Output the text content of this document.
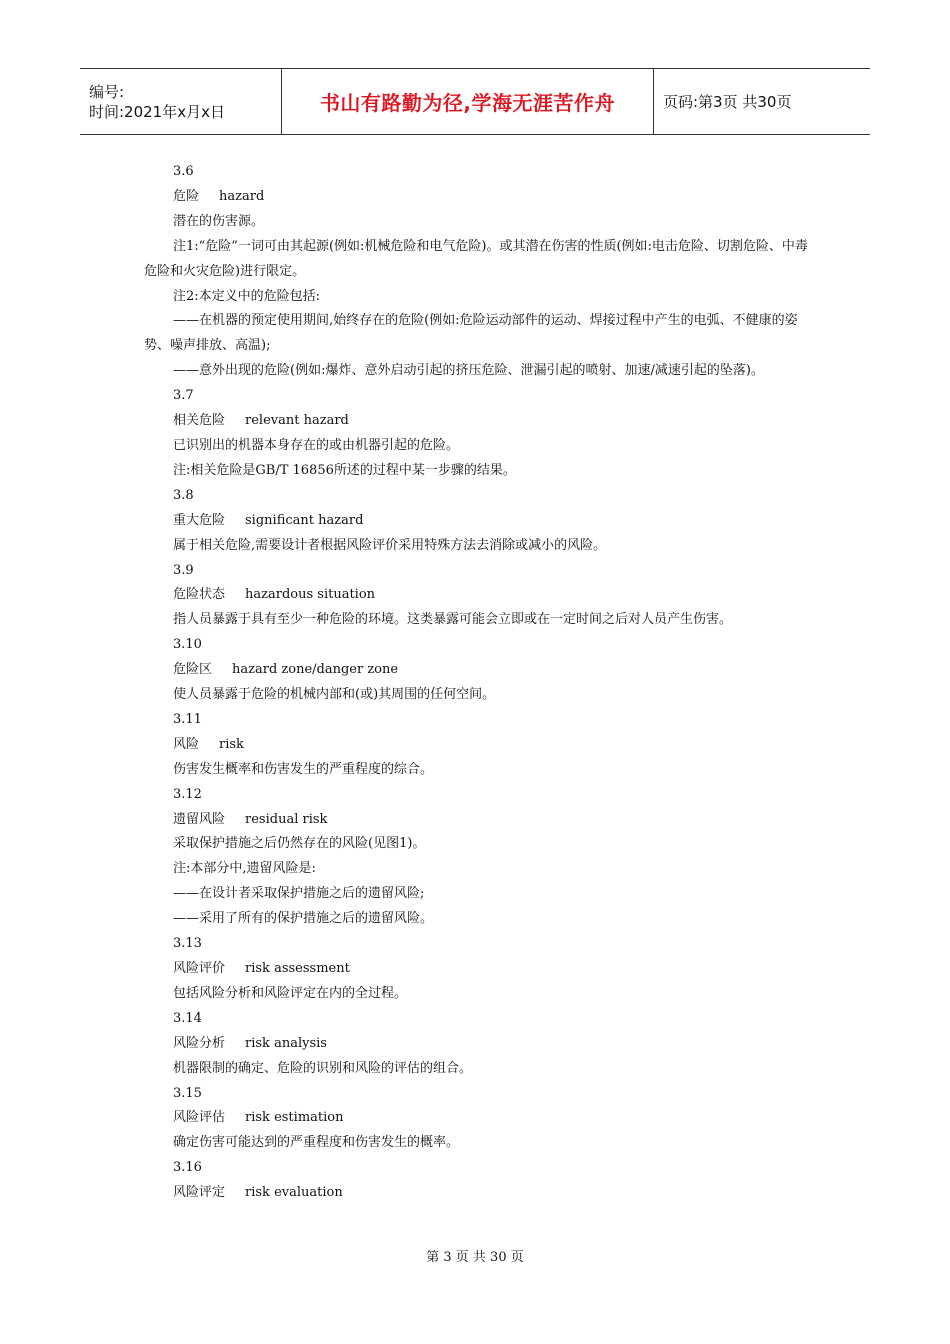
编号:
时间:2021年x月x日	书山有路勤为径,学海无涯苦作舟	页码:第3页 共30页
3.6
危险 hazard
潜在的伤害源。
注1:“危险”一词可由其起源(例如:机械危险和电气危险)。或其潜在伤害的性质(例如:电击危险、切割危险、中毒危险和火灾危险)进行限定。
注2:本定义中的危险包括:
——在机器的预定使用期间,始终存在的危险(例如:危险运动部件的运动、焊接过程中产生的电弧、不健康的姿势、噪声排放、高温);
——意外出现的危险(例如:爆炸、意外启动引起的挤压危险、泄漏引起的喷射、加速/减速引起的坠落)。
3.7
相关危险 relevant hazard
已识别出的机器本身存在的或由机器引起的危险。
注:相关危险是GB/T 16856所述的过程中某一步骤的结果。
3.8
重大危险 significant hazard
属于相关危险,需要设计者根据风险评价采用特殊方法去消除或减小的风险。
3.9
危险状态 hazardous situation
指人员暴露于具有至少一种危险的环境。这类暴露可能会立即或在一定时间之后对人员产生伤害。
3.10
危险区 hazard zone/danger zone
使人员暴露于危险的机械内部和(或)其周围的任何空间。
3.11
风险 risk
伤害发生概率和伤害发生的严重程度的综合。
3.12
遗留风险 residual risk
采取保护措施之后仍然存在的风险(见图1)。
注:本部分中,遗留风险是:
——在设计者采取保护措施之后的遗留风险;
——采用了所有的保护措施之后的遗留风险。
3.13
风险评价 risk assessment
包括风险分析和风险评定在内的全过程。
3.14
风险分析 risk analysis
机器限制的确定、危险的识别和风险的评估的组合。
3.15
风险评估 risk estimation
确定伤害可能达到的严重程度和伤害发生的概率。
3.16
风险评定 risk evaluation
第 3 页 共 30 页
